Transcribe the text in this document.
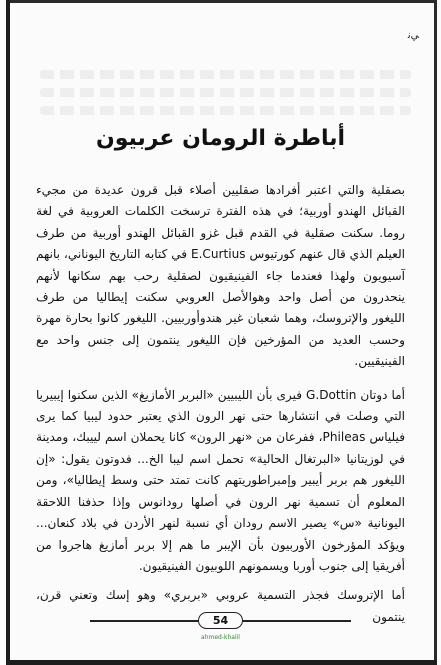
ﻲﻧ
أباطرة الرومان عربيون

بصقلية والتي اعتبر أفرادها صقليين أصلاء قبل قرون عديدة من مجيء القبائل الهندو أوربية؛ في هذه الفترة ترسخت الكلمات العروبية في لغة روما. سكنت صقلية في القدم قبل غزو القبائل الهندو أوربية من طرف العيلم الذي قال عنهم كورتيوس E.Curtius في كتابه التاريخ اليوناني، بانهم آسيويون ولهذا فعندما جاء الفينيقيون لصقلية رحب بهم سكانها لأنهم ينحدرون من أصل واحد وهوالأصل العروبي سكنت إيطاليا من طرف الليغور والإتروسك، وهما شعبان غير هندوأوربيين. الليغور كانوا بحارة مهرة وحسب العديد من المؤرخين فإن الليغور ينتمون إلى جنس واحد مع الفينيقيين.

أما دوتان G.Dottin فيرى بأن الليبيين «البربر الأمازيغ» الذين سكنوا إيبيريا التي وصلت في انتشارها حتى نهر الرون الذي يعتبر حدود ليبيا كما يرى فيلياس Phileas، ففرعان من «نهر الرون» كانا يحملان اسم لييبك، ومدينة في لوزيتانيا «البرتغال الحالية» تحمل اسم ليبا الخ... فدوتون يقول: «إن الليغور هم بربر أيبير وإمبراطوريتهم كانت تمتد حتى وسط إيطاليا»، ومن المعلوم أن تسمية نهر الرون في أصلها رودانوس وإذا حذفنا اللاحقة اليونانية «س» يصير الاسم رودان أي نسبة لنهر الأردن في بلاد كنعان... ويؤكد المؤرخون الأوربيون بأن الإيبر ما هم إلا بربر أمازيغ هاجروا من أفريقيا إلى جنوب أوربا ويسمونهم اللوبيون الفينيقيون.

أما الإتروسك فجذر التسمية عروبي «بربري» وهو إسك وتعني قرن، ينتمون

54
ahmed-khalil
